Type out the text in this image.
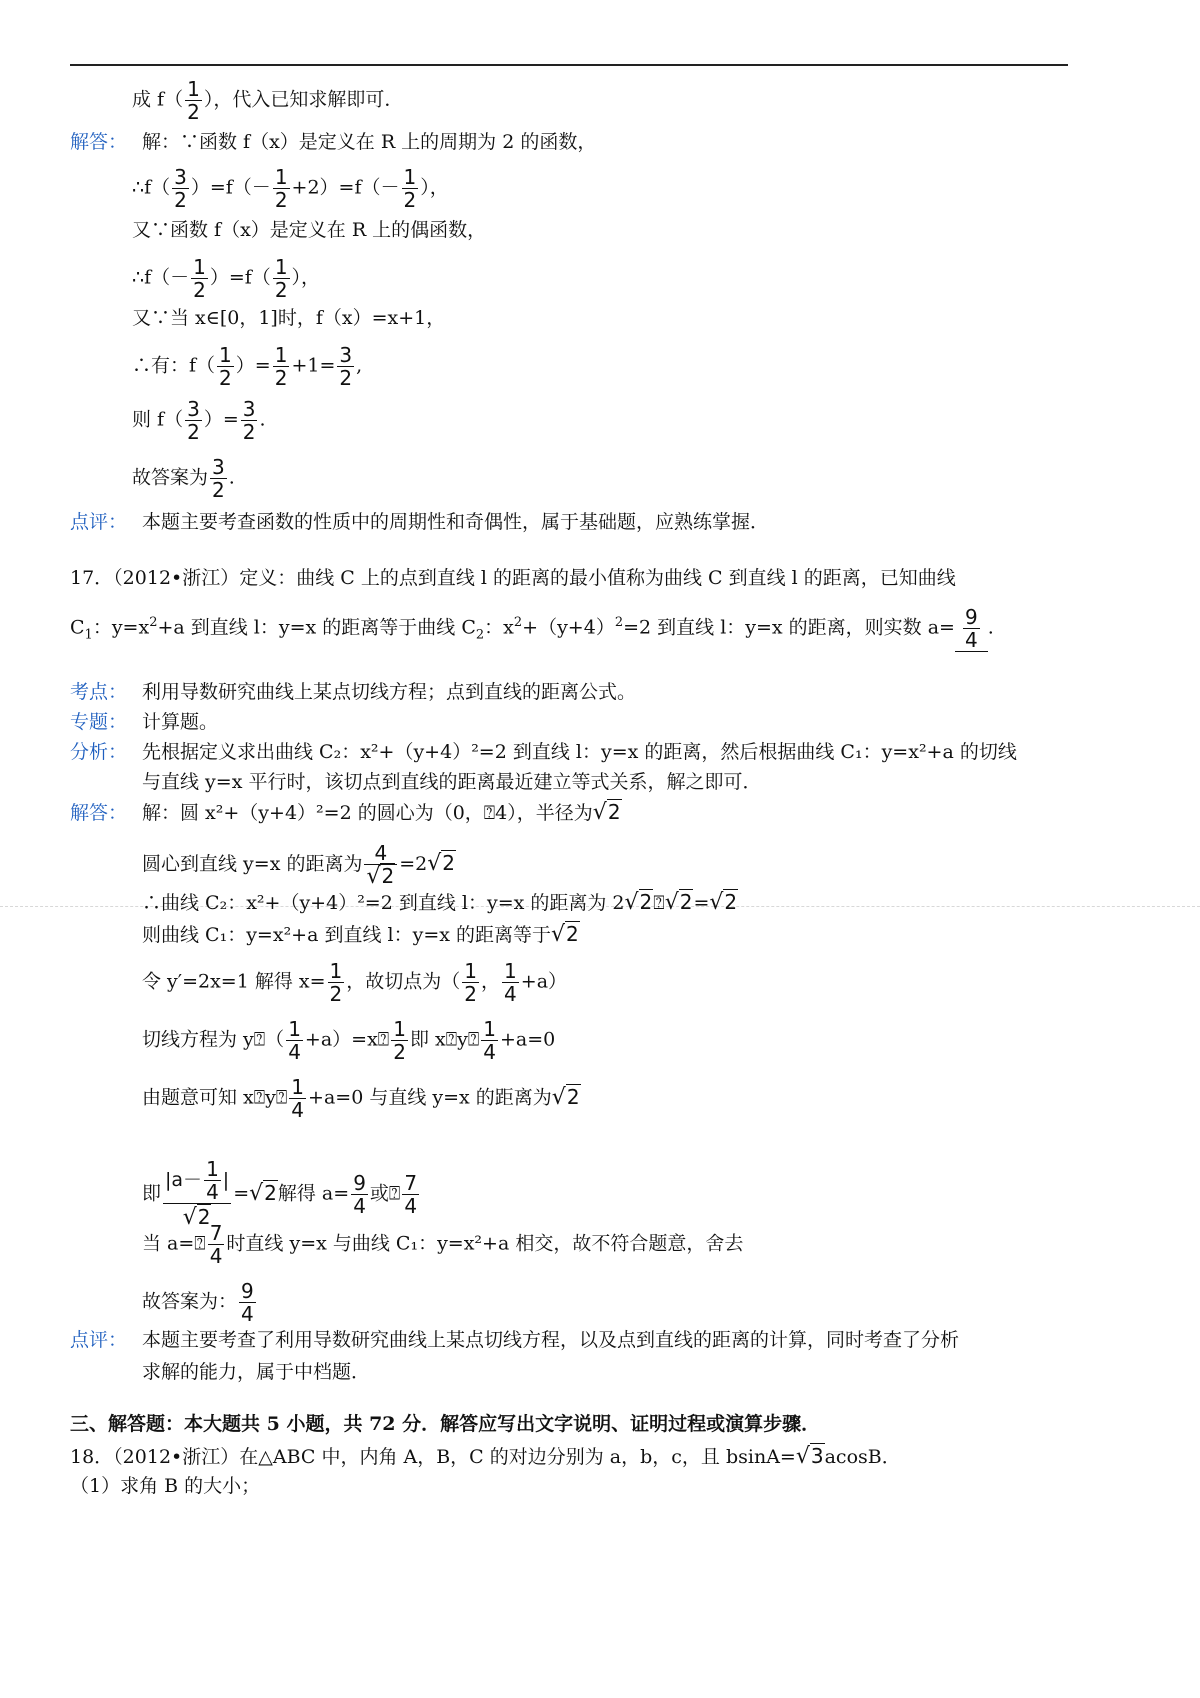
成 $f( \frac{1}{2}$ ），代入已知求解即可．
解答： 解：∵函数 f（x）是定义在 R 上的周期为 2 的函数，
∴f（ $\frac{3}{2} )=f(- \frac{1}{2} +2)=f(- \frac{1}{2}$ ），
又∵函数 f（x）是定义在 R 上的偶函数，
∴f（－ $\frac{1}{2} )=f( \frac{1}{2}$ ），
又∵当 x∈[0，1]时，f（x）=x+1，
∴有：$f( \frac{1}{2}$ ）= $\frac{1}{2} +1= \frac{3}{2}$ ,
则 $f( \frac{3}{2}$ ）= $\frac{3}{2}$ .
故答案为 $\frac{3}{2}$ .
点评： 本题主要考查函数的性质中的周期性和奇偶性，属于基础题，应熟练掌握．
17．（2012•浙江）定义：曲线 C 上的点到直线 l 的距离的最小值称为曲线 C 到直线 l 的距离，已知曲线
$C_1$：$y=x^2+a$ 到直线 l：y=x 的距离等于曲线 $C_2$：$x^2+(y+4)^2=2$ 到直线 l：y=x 的距离，则实数 $a= \frac{9}{4}$ .
考点： 利用导数研究曲线上某点切线方程；点到直线的距离公式。
专题： 计算题。
分析： 先根据定义求出曲线 C₂：x²+（y+4）²=2 到直线 l：y=x 的距离，然后根据曲线 C₁：y=x²+a 的切线
与直线 y=x 平行时，该切点到直线的距离最近建立等式关系，解之即可．
解答： 解：圆 x²+（y+4）²=2 的圆心为（0，⍰4），半径为√2
圆心到直线 y=x 的距离为 $\frac{4}{√2} =2√2$
∴曲线 C₂：x²+（y+4）²=2 到直线 l：y=x 的距离为 2√2⍰√2=√2
则曲线 C₁：y=x²+a 到直线 l：y=x 的距离等于√2
令 y′=2x=1 解得 $x= \frac{1}{2}$ ，故切点为（ $\frac{1}{2}$ ， $\frac{1}{4} +a$）
切线方程为 y⍰（ $\frac{1}{4}$ +a）=x⍰ $\frac{1}{2}$ 即 x⍰y⍰ $\frac{1}{4} +a=0$
由题意可知 x⍰y⍰ $\frac{1}{4} +a=0$ 与直线 y=x 的距离为√2
即 $\frac{|a- \frac{1}{4} |}{√2} =√2$解得 $a= \frac{9}{4}$ 或⍰ $\frac{7}{4}$
当 a=⍰ $\frac{7}{4}$ 时直线 y=x 与曲线 C₁：y=x²+a 相交，故不符合题意，舍去
故答案为： $\frac{9}{4}$
点评： 本题主要考查了利用导数研究曲线上某点切线方程，以及点到直线的距离的计算，同时考查了分析
求解的能力，属于中档题．
三、解答题：本大题共 5 小题，共 72 分．解答应写出文字说明、证明过程或演算步骤．
18．（2012•浙江）在△ABC 中，内角 A，B，C 的对边分别为 a，b，c，且 bsinA=√3acosB．
（1）求角 B 的大小；
